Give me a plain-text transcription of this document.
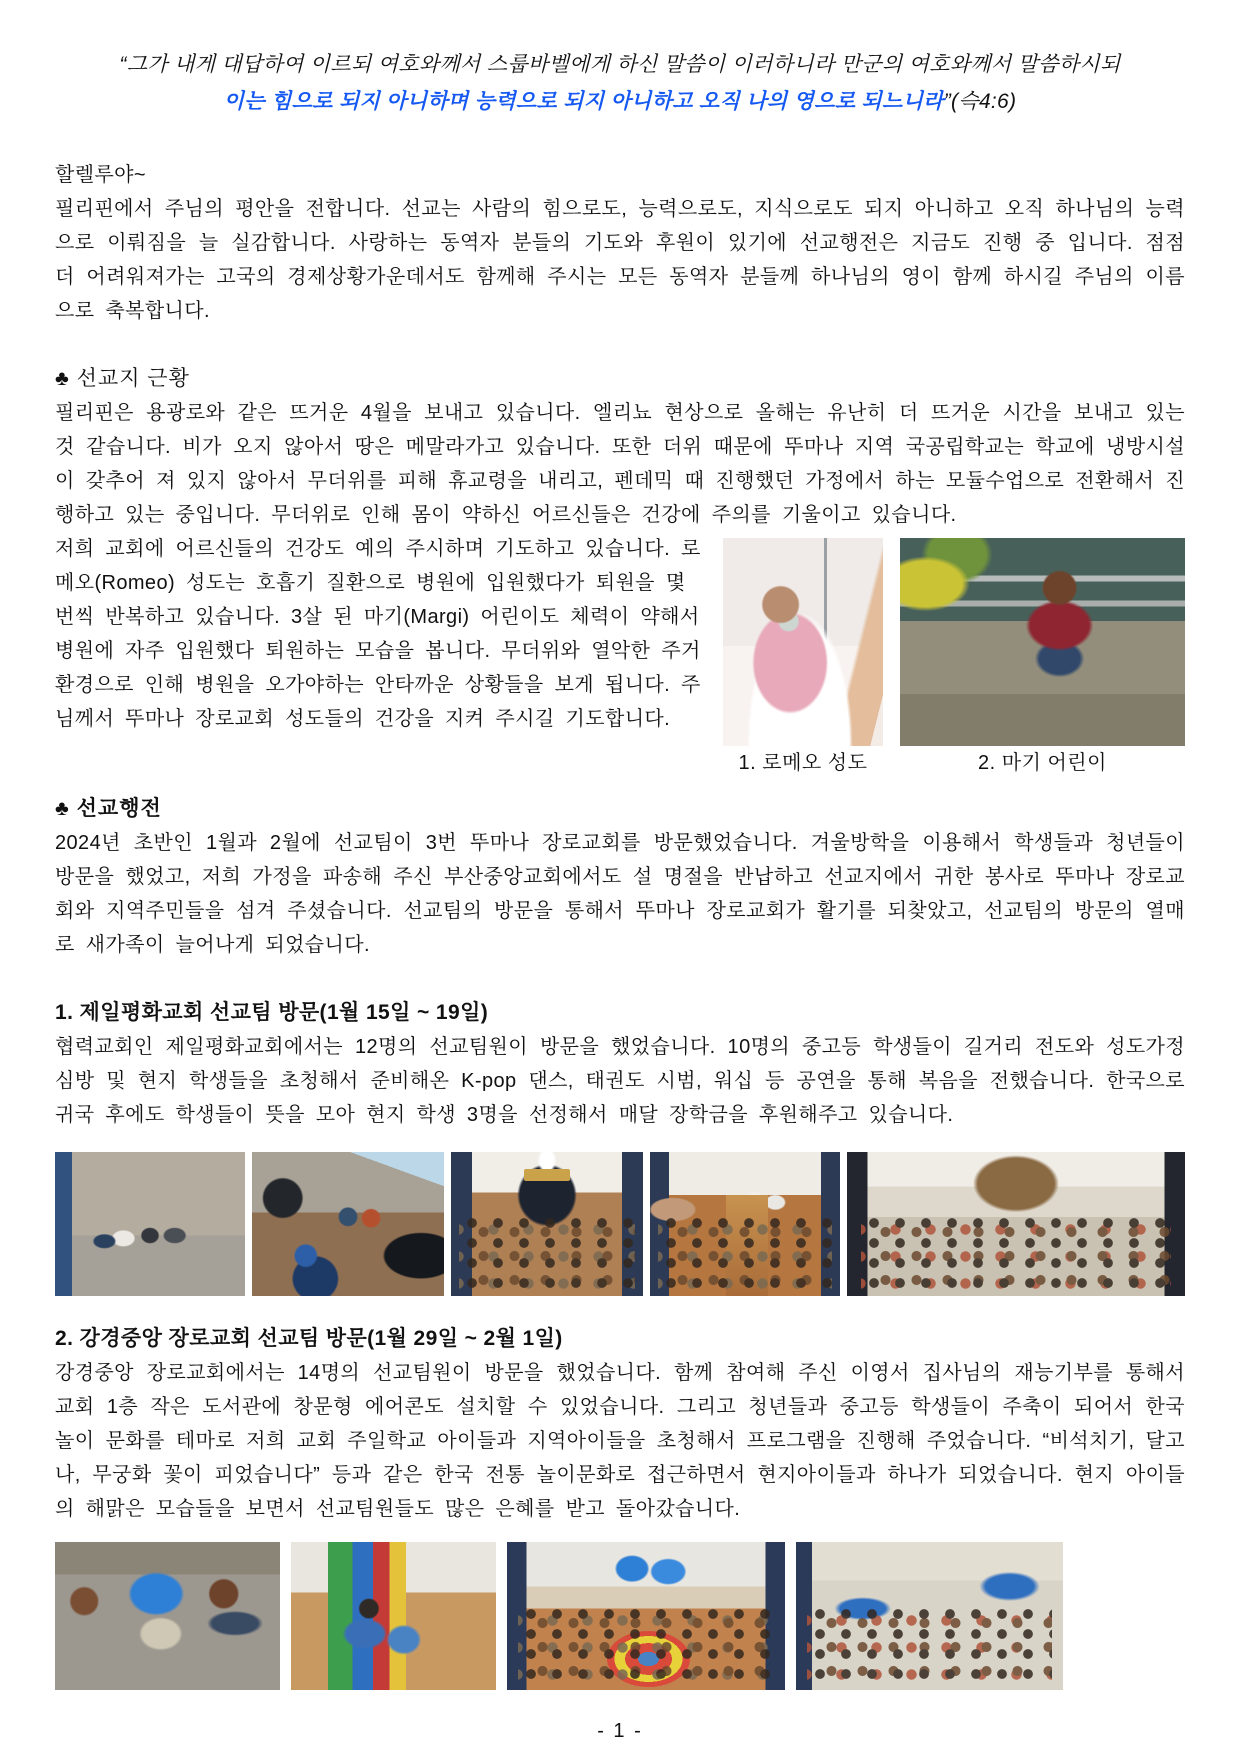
“그가 내게 대답하여 이르되 여호와께서 스룹바벨에게 하신 말씀이 이러하니라 만군의 여호와께서 말씀하시되
이는 힘으로 되지 아니하며 능력으로 되지 아니하고 오직 나의 영으로 되느니라”(슥4:6)

할렐루야~

필리핀에서 주님의 평안을 전합니다. 선교는 사람의 힘으로도, 능력으로도, 지식으로도 되지 아니하고 오직 하나님의 능력으로 이뤄짐을 늘 실감합니다. 사랑하는 동역자 분들의 기도와 후원이 있기에 선교행전은 지금도 진행 중 입니다. 점점 더 어려워져가는 고국의 경제상황가운데서도 함께해 주시는 모든 동역자 분들께 하나님의 영이 함께 하시길 주님의 이름으로 축복합니다.

♣ 선교지 근황

필리핀은 용광로와 같은 뜨거운 4월을 보내고 있습니다. 엘리뇨 현상으로 올해는 유난히 더 뜨거운 시간을 보내고 있는 것 같습니다. 비가 오지 않아서 땅은 메말라가고 있습니다. 또한 더위 때문에 뚜마나 지역 국공립학교는 학교에 냉방시설이 갖추어 져 있지 않아서 무더위를 피해 휴교령을 내리고, 펜데믹 때 진행했던 가정에서 하는 모듈수업으로 전환해서 진행하고 있는 중입니다. 무더위로 인해 몸이 약하신 어르신들은 건강에 주의를 기울이고 있습니다.

1. 로메오 성도	2. 마기 어린이

저희 교회에 어르신들의 건강도 예의 주시하며 기도하고 있습니다. 로메오(Romeo) 성도는 호흡기 질환으로 병원에 입원했다가 퇴원을 몇 번씩 반복하고 있습니다. 3살 된 마기(Margi) 어린이도 체력이 약해서 병원에 자주 입원했다 퇴원하는 모습을 봅니다. 무더위와 열악한 주거 환경으로 인해 병원을 오가야하는 안타까운 상황들을 보게 됩니다. 주님께서 뚜마나 장로교회 성도들의 건강을 지켜 주시길 기도합니다.

♣ 선교행전

2024년 초반인 1월과 2월에 선교팀이 3번 뚜마나 장로교회를 방문했었습니다. 겨울방학을 이용해서 학생들과 청년들이 방문을 했었고, 저희 가정을 파송해 주신 부산중앙교회에서도 설 명절을 반납하고 선교지에서 귀한 봉사로 뚜마나 장로교회와 지역주민들을 섬겨 주셨습니다. 선교팀의 방문을 통해서 뚜마나 장로교회가 활기를 되찾았고, 선교팀의 방문의 열매로 새가족이 늘어나게 되었습니다.

1. 제일평화교회 선교팀 방문(1월 15일 ~ 19일)

협력교회인 제일평화교회에서는 12명의 선교팀원이 방문을 했었습니다. 10명의 중고등 학생들이 길거리 전도와 성도가정 심방 및 현지 학생들을 초청해서 준비해온 K-pop 댄스, 태권도 시범, 워십 등 공연을 통해 복음을 전했습니다. 한국으로 귀국 후에도 학생들이 뜻을 모아 현지 학생 3명을 선정해서 매달 장학금을 후원해주고 있습니다.

2. 강경중앙 장로교회 선교팀 방문(1월 29일 ~ 2월 1일)

강경중앙 장로교회에서는 14명의 선교팀원이 방문을 했었습니다. 함께 참여해 주신 이영서 집사님의 재능기부를 통해서 교회 1층 작은 도서관에 창문형 에어콘도 설치할 수 있었습니다. 그리고 청년들과 중고등 학생들이 주축이 되어서 한국 놀이 문화를 테마로 저희 교회 주일학교 아이들과 지역아이들을 초청해서 프로그램을 진행해 주었습니다. “비석치기, 달고나, 무궁화 꽃이 피었습니다” 등과 같은 한국 전통 놀이문화로 접근하면서 현지아이들과 하나가 되었습니다. 현지 아이들의 해맑은 모습들을 보면서 선교팀원들도 많은 은혜를 받고 돌아갔습니다.

- 1 -
